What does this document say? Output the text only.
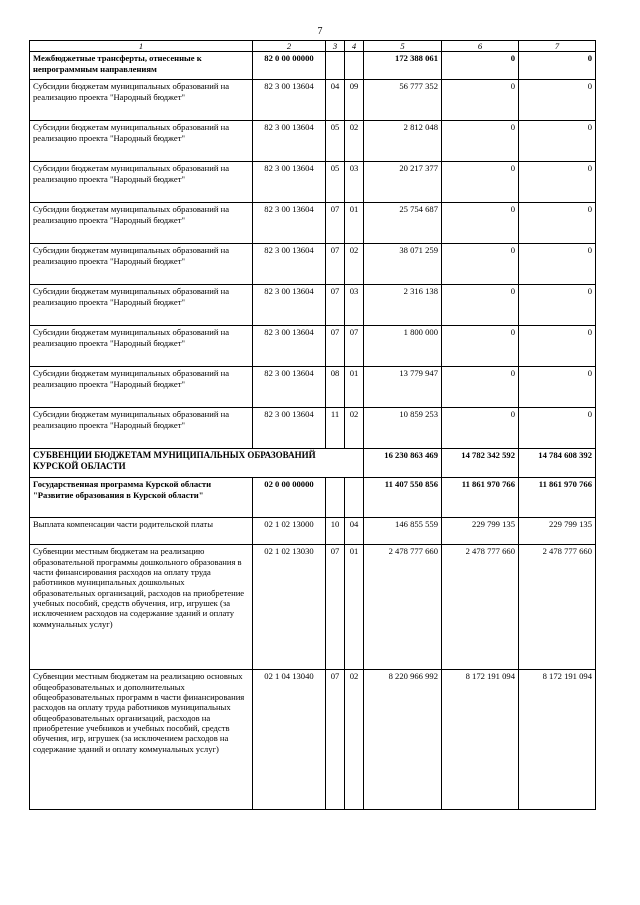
7
1	2	3	4	5	6	7
Межбюджетные трансферты, отнесенные к непрограммным направлениям	82 0 00 00000			172 388 061	0	0
Субсидии бюджетам муниципальных образований на реализацию проекта "Народный бюджет"	82 3 00 13604	04	09	56 777 352	0	0
Субсидии бюджетам муниципальных образований на реализацию проекта "Народный бюджет"	82 3 00 13604	05	02	2 812 048	0	0
Субсидии бюджетам муниципальных образований на реализацию проекта "Народный бюджет"	82 3 00 13604	05	03	20 217 377	0	0
Субсидии бюджетам муниципальных образований на реализацию проекта "Народный бюджет"	82 3 00 13604	07	01	25 754 687	0	0
Субсидии бюджетам муниципальных образований на реализацию проекта "Народный бюджет"	82 3 00 13604	07	02	38 071 259	0	0
Субсидии бюджетам муниципальных образований на реализацию проекта "Народный бюджет"	82 3 00 13604	07	03	2 316 138	0	0
Субсидии бюджетам муниципальных образований на реализацию проекта "Народный бюджет"	82 3 00 13604	07	07	1 800 000	0	0
Субсидии бюджетам муниципальных образований на реализацию проекта "Народный бюджет"	82 3 00 13604	08	01	13 779 947	0	0
Субсидии бюджетам муниципальных образований на реализацию проекта "Народный бюджет"	82 3 00 13604	11	02	10 859 253	0	0
СУБВЕНЦИИ БЮДЖЕТАМ МУНИЦИПАЛЬНЫХ ОБРАЗОВАНИЙ КУРСКОЙ ОБЛАСТИ				16 230 863 469	14 782 342 592	14 784 608 392
Государственная программа Курской области "Развитие образования в Курской области"	02 0 00 00000			11 407 550 856	11 861 970 766	11 861 970 766
Выплата компенсации части родительской платы	02 1 02 13000	10	04	146 855 559	229 799 135	229 799 135
Субвенции местным бюджетам на реализацию образовательной программы дошкольного образования в части финансирования расходов на оплату труда работников муниципальных дошкольных образовательных организаций, расходов на приобретение учебных пособий, средств обучения, игр, игрушек (за исключением расходов на содержание зданий и оплату коммунальных услуг)	02 1 02 13030	07	01	2 478 777 660	2 478 777 660	2 478 777 660
Субвенции местным бюджетам на реализацию основных общеобразовательных и дополнительных общеобразовательных программ в части финансирования расходов на оплату труда работников муниципальных общеобразовательных организаций, расходов на приобретение учебников и учебных пособий, средств обучения, игр, игрушек (за исключением расходов на содержание зданий и оплату коммунальных услуг)	02 1 04 13040	07	02	8 220 966 992	8 172 191 094	8 172 191 094
